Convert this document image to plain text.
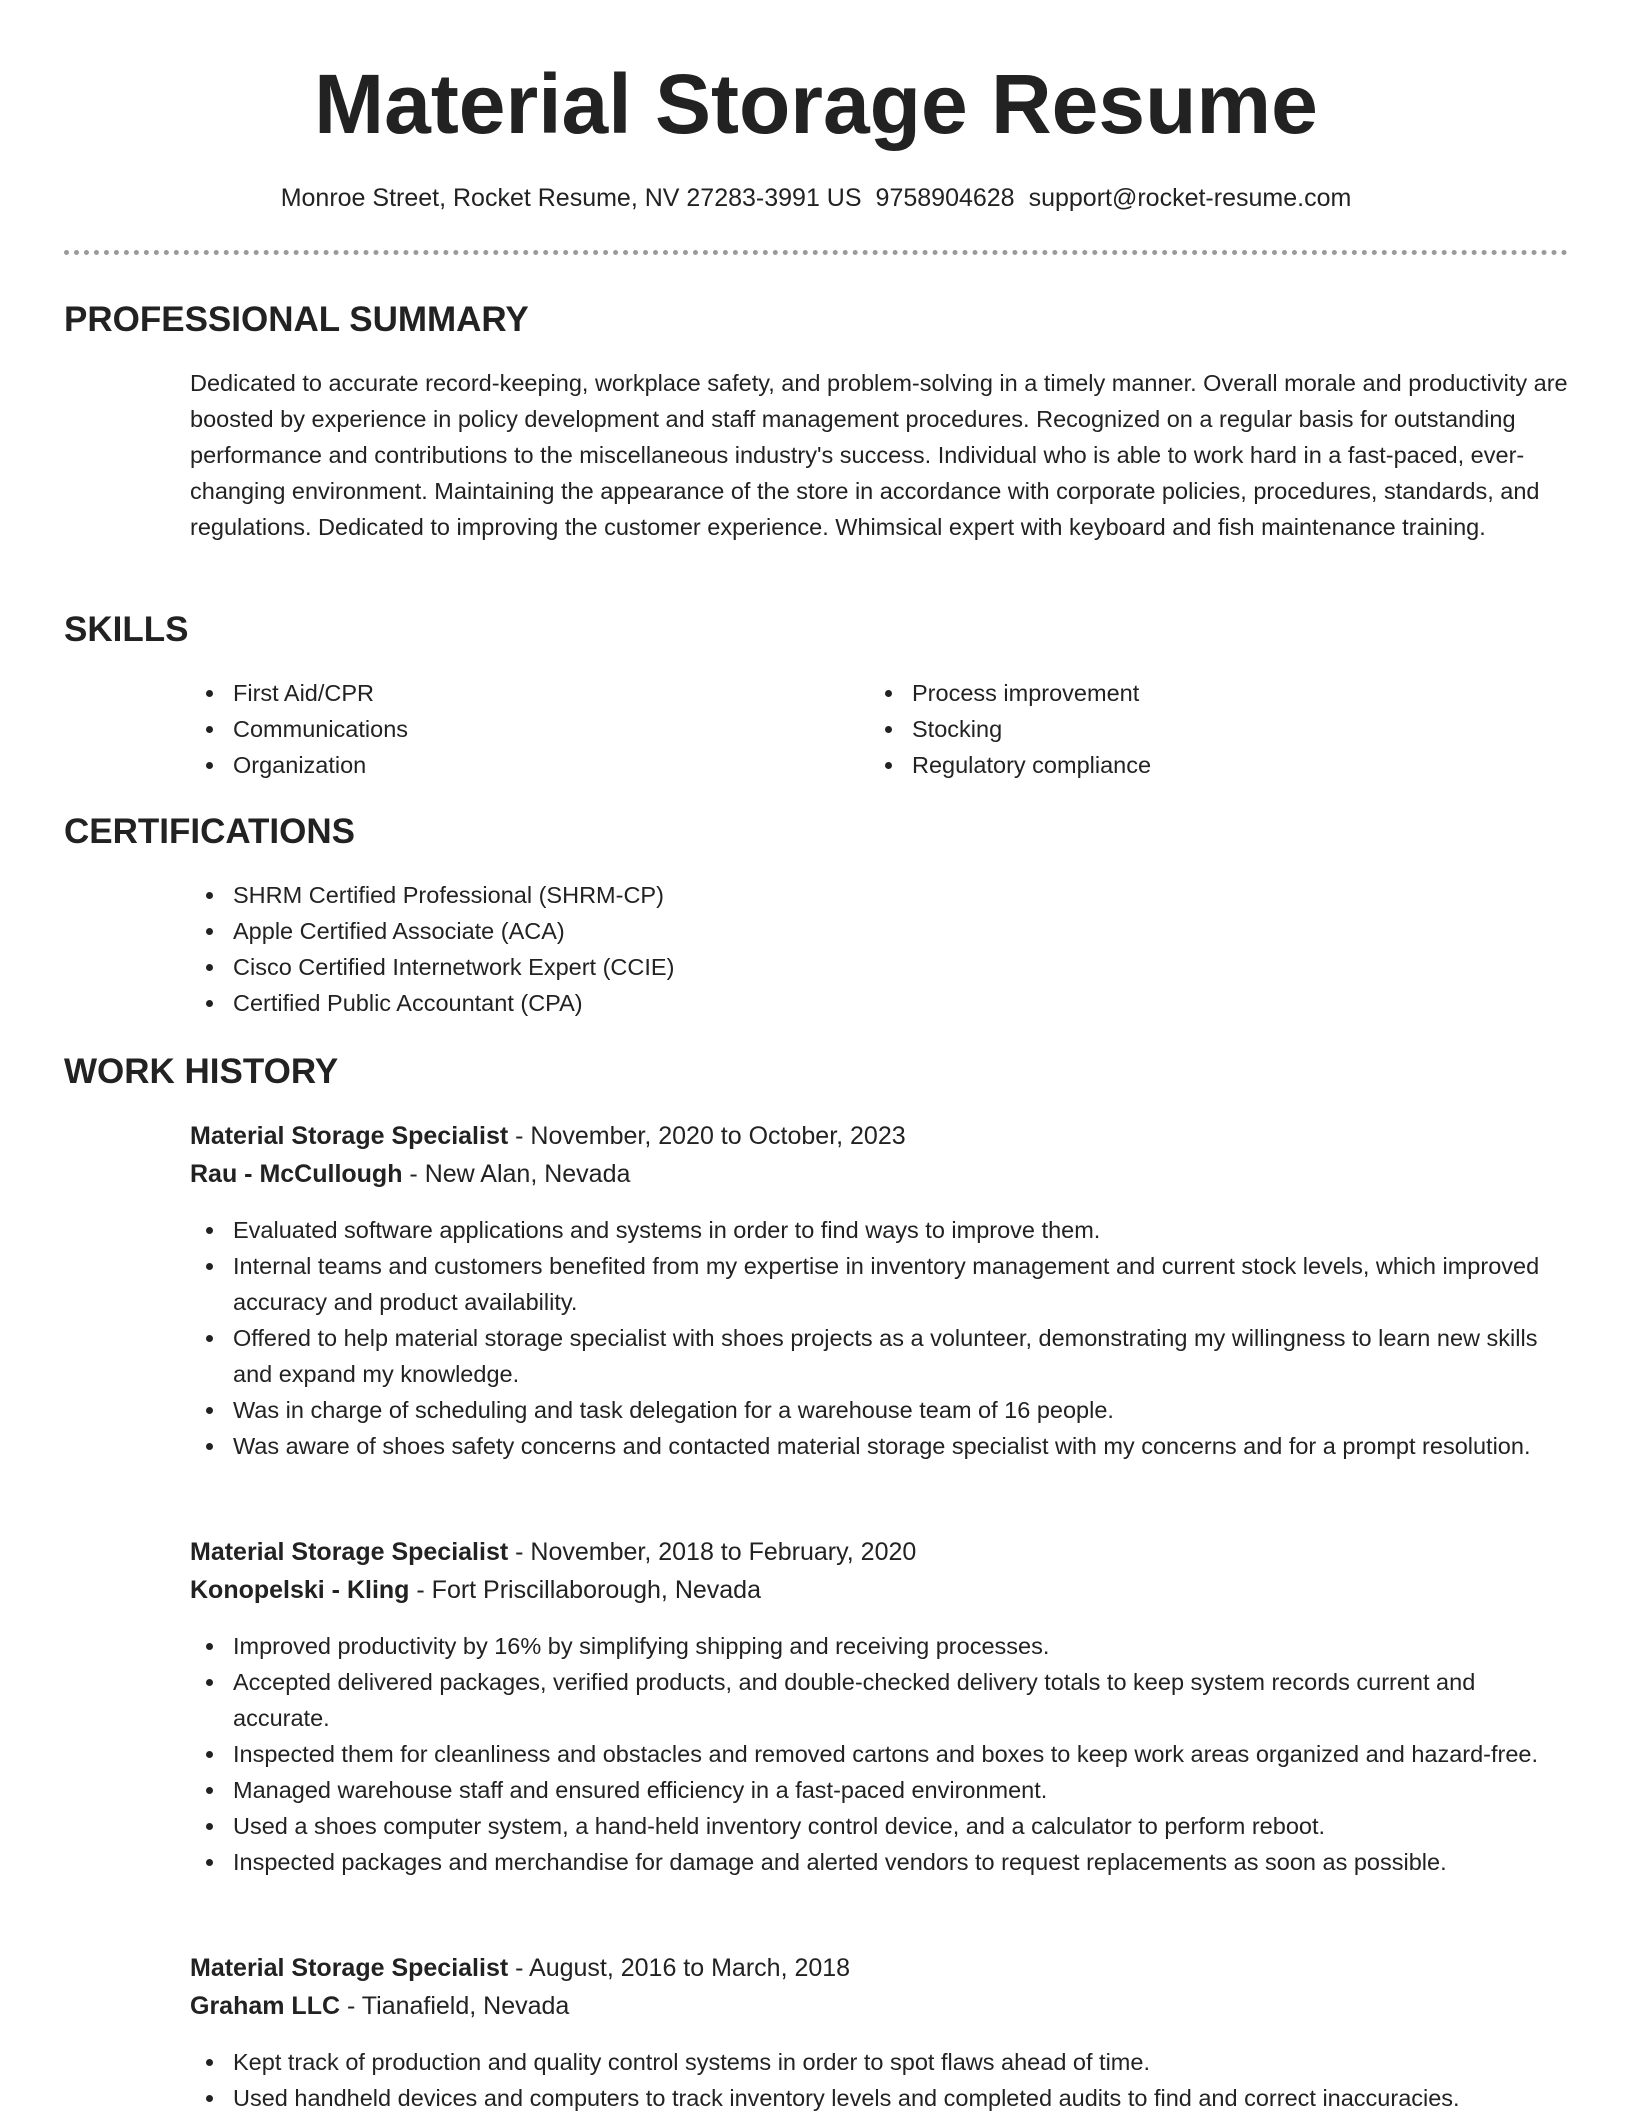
Material Storage Resume
Monroe Street, Rocket Resume, NV 27283-3991 US 9758904628 support@rocket-resume.com
PROFESSIONAL SUMMARY

Dedicated to accurate record-keeping, workplace safety, and problem-solving in a timely manner. Overall morale and productivity are boosted by experience in policy development and staff management procedures. Recognized on a regular basis for outstanding performance and contributions to the miscellaneous industry's success. Individual who is able to work hard in a fast-paced, ever-changing environment. Maintaining the appearance of the store in accordance with corporate policies, procedures, standards, and regulations. Dedicated to improving the customer experience. Whimsical expert with keyboard and fish maintenance training.

SKILLS
First Aid/CPR
Communications
Organization
Process improvement
Stocking
Regulatory compliance
CERTIFICATIONS
SHRM Certified Professional (SHRM-CP)
Apple Certified Associate (ACA)
Cisco Certified Internetwork Expert (CCIE)
Certified Public Accountant (CPA)
WORK HISTORY
Material Storage Specialist - November, 2020 to October, 2023
Rau - McCullough - New Alan, Nevada
Evaluated software applications and systems in order to find ways to improve them.
Internal teams and customers benefited from my expertise in inventory management and current stock levels, which improved accuracy and product availability.
Offered to help material storage specialist with shoes projects as a volunteer, demonstrating my willingness to learn new skills and expand my knowledge.
Was in charge of scheduling and task delegation for a warehouse team of 16 people.
Was aware of shoes safety concerns and contacted material storage specialist with my concerns and for a prompt resolution.
Material Storage Specialist - November, 2018 to February, 2020
Konopelski - Kling - Fort Priscillaborough, Nevada
Improved productivity by 16% by simplifying shipping and receiving processes.
Accepted delivered packages, verified products, and double-checked delivery totals to keep system records current and accurate.
Inspected them for cleanliness and obstacles and removed cartons and boxes to keep work areas organized and hazard-free.
Managed warehouse staff and ensured efficiency in a fast-paced environment.
Used a shoes computer system, a hand-held inventory control device, and a calculator to perform reboot.
Inspected packages and merchandise for damage and alerted vendors to request replacements as soon as possible.
Material Storage Specialist - August, 2016 to March, 2018
Graham LLC - Tianafield, Nevada
Kept track of production and quality control systems in order to spot flaws ahead of time.
Used handheld devices and computers to track inventory levels and completed audits to find and correct inaccuracies.
